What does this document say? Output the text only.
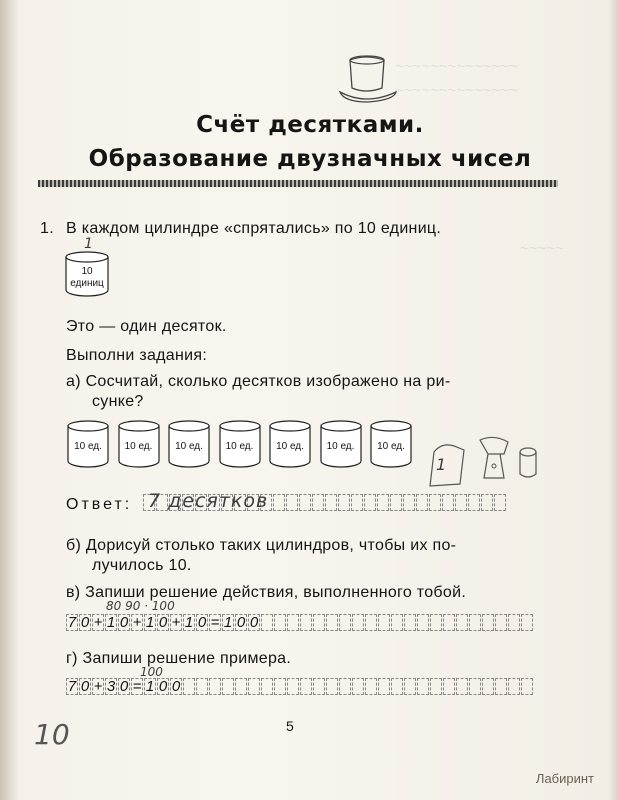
~~~~~~~~~~~~~~
~~~~~~~~~~~~~~
~~~~~
Счёт десятками.
Образование двузначных чисел
1. В каждом цилиндре «спрятались» по 10 единиц.
1
10
единиц
Это — один десяток.
Выполни задания:
а) Сосчитай, сколько десятков изображено на ри-
сунке?
10 ед.	10 ед.	10 ед.	10 ед.	10 ед.	10 ед.	10 ед.
1
Ответ: 7 десятков
б) Дорисуй столько таких цилиндров, чтобы их по-
лучилось 10.
в) Запиши решение действия, выполненного тобой.
80 90 · 100
7 0 + 1 0 + 1 0 + 1 0 = 1 0 0
г) Запиши решение примера.
100
7 0 + 3 0 = 1 0 0
10	5
Лабиринт
